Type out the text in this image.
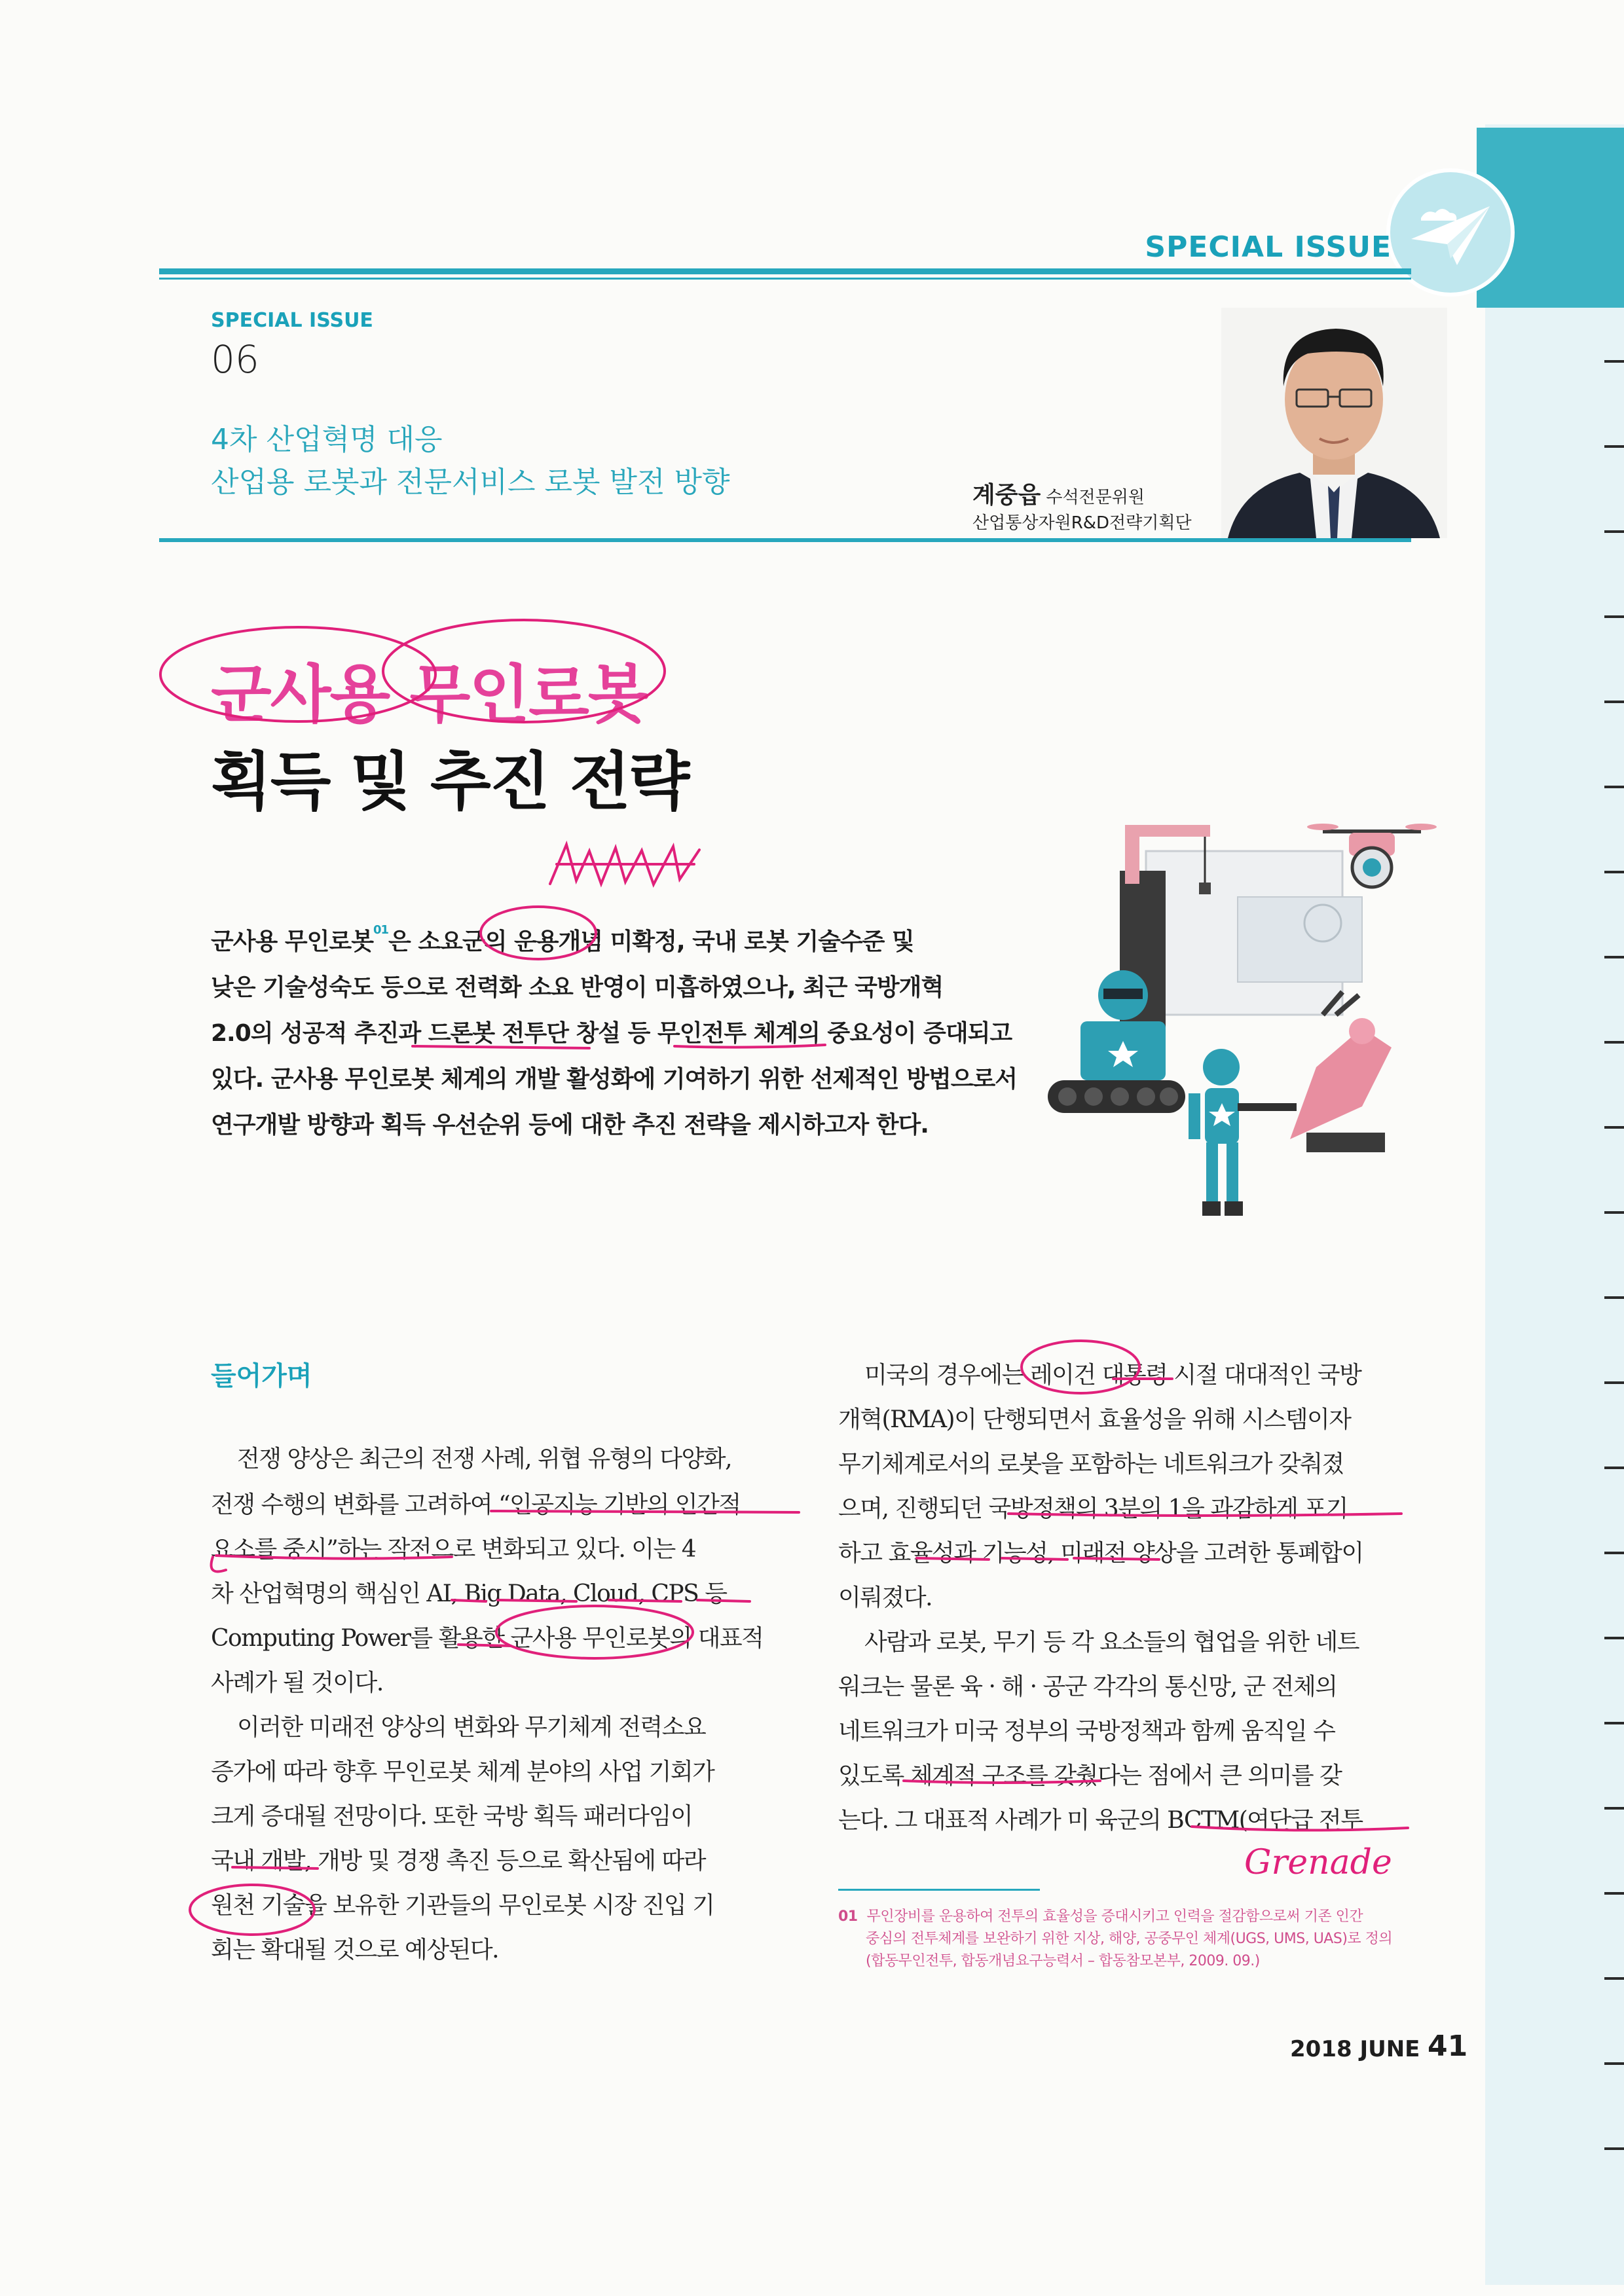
SPECIAL ISSUE
SPECIAL ISSUE
06
4차 산업혁명 대응
산업용 로봇과 전문서비스 로봇 발전 방향	계중읍 수석전문위원
산업통상자원R&D전략기획단
군사용 무인로봇
획득 및 추진 전략
군사용 무인로봇$^{01}$은 소요군의 운용개념 미확정, 국내 로봇 기술수준 및
낮은 기술성숙도 등으로 전력화 소요 반영이 미흡하였으나, 최근 국방개혁
2.0의 성공적 추진과 드론봇 전투단 창설 등 무인전투 체계의 중요성이 증대되고
있다. 군사용 무인로봇 체계의 개발 활성화에 기여하기 위한 선제적인 방법으로서
연구개발 방향과 획득 우선순위 등에 대한 추진 전략을 제시하고자 한다.
들어가며
전쟁 양상은 최근의 전쟁 사례, 위협 유형의 다양화,
전쟁 수행의 변화를 고려하여 “인공지능 기반의 인간적
요소를 중시”하는 작전으로 변화되고 있다. 이는 4
차 산업혁명의 핵심인 AI, Big Data, Cloud, CPS 등
Computing Power를 활용한 군사용 무인로봇의 대표적
사례가 될 것이다.
이러한 미래전 양상의 변화와 무기체계 전력소요
증가에 따라 향후 무인로봇 체계 분야의 사업 기회가
크게 증대될 전망이다. 또한 국방 획득 패러다임이
국내 개발, 개방 및 경쟁 촉진 등으로 확산됨에 따라
원천 기술을 보유한 기관들의 무인로봇 시장 진입 기
회는 확대될 것으로 예상된다.
미국의 경우에는 레이건 대통령 시절 대대적인 국방
개혁(RMA)이 단행되면서 효율성을 위해 시스템이자
무기체계로서의 로봇을 포함하는 네트워크가 갖춰졌
으며, 진행되던 국방정책의 3분의 1을 과감하게 포기
하고 효율성과 기능성, 미래전 양상을 고려한 통폐합이
이뤄졌다.
사람과 로봇, 무기 등 각 요소들의 협업을 위한 네트
워크는 물론 육 · 해 · 공군 각각의 통신망, 군 전체의
네트워크가 미국 정부의 국방정책과 함께 움직일 수
있도록 체계적 구조를 갖췄다는 점에서 큰 의미를 갖
는다. 그 대표적 사례가 미 육군의 BCTM(여단급 전투
01 무인장비를 운용하여 전투의 효율성을 증대시키고 인력을 절감함으로써 기존 인간
중심의 전투체계를 보완하기 위한 지상, 해양, 공중무인 체계(UGS, UMS, UAS)로 정의
(합동무인전투, 합동개념요구능력서 – 합동참모본부, 2009. 09.)
2018 JUNE 41
Grenade
